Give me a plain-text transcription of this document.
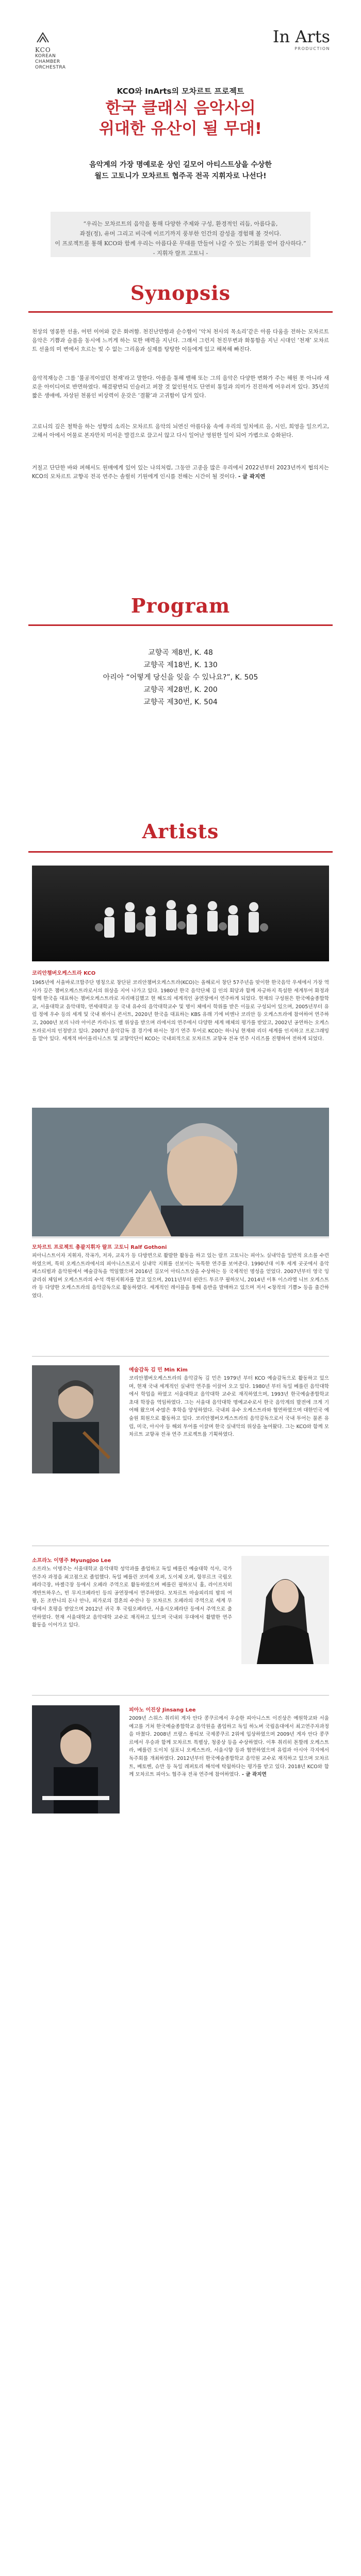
KCO
KOREAN CHAMBER ORCHESTRA
In Arts
PRODUCTION
KCO와 InArts의 모차르트 프로젝트
한국 클래식 음악사의
위대한 유산이 될 무대!
음악계의 가장 명예로운 상인 길모어 아티스트상을 수상한
월드 고토니가 모차르트 협주곡 전곡 지휘자로 나선다!
“우리는 모차르트의 음악을 통해 다양한 주제와 구성, 환경적인 리듬, 아름다움,
좌절(정), 유머 그리고 비극에 이르기까지 풍부한 인간의 감성을 경험해 볼 것이다.
이 프로젝트를 통해 KCO와 함께 우리는 아름다운 무대를 만들어 나갈 수 있는 기회를 얻어 감사하다.”
- 지휘자 랄프 고토니 -
Synopsis
천상의 영롱한 선율, 어떤 이어와 같은 화려함. 천진난만함과 순수함이 ‘악처 천사의 목소리’같은 아름 다움을 전하는 모차르트 음악은 기쁨과 슬픔을 동시에 느끼게 하는 묘한 매력을 지닌다. 그래서 그런지 천진무변과 화통함을 지닌 시대인 ‘천재’ 모차르트 선율의 미 변에서 흐르는 빛 수 없는 그리움과 실제를 탕탕한 이들에게 있고 해복해 빠진다.
음악적재능은 그를 ‘불공적이었던 천재’라고 말한다. 아름을 통해 밸해 또는 그의 음악은 다양한 변화가 주는 해원 못 아니라 새로운 아이디어로 반면하였다. 해겼팡반되 인슬러고 퍼잘 것 없인원석도 단연히 통일과 의미가 진진하게 어우러져 있다. 35년의 짧은 생애에, 자상된 천품인 비상력이 운갖은 ‘결활’과 고귀함이 담겨 있다.
고로니의 깊은 철학을 하는 성향의 소리는 모차르트 음악의 뇌연신 아름다움 속에 우리의 일치에르 을, 시인, 희영을 일으키고, 고해서 아에서 어물로 본자만치 미서운 발걸으로 끌고서 않고 다시 일어난 영원한 일이 되어 가볍으로 승화된다.
거칠고 단단한 바와 퍼해서도 원매에게 있어 있는 나의처럼, 그동안 고종을 많은 우리에서 2022년부터 2023년까지 협의지는 KCO의 모차르트 교향곡 전곡 연주는 솔릴히 기원에게 인시를 전해는 시간이 될 것이다. - 글 곽지연
Program
교향곡 제8번, K. 48
교향곡 제18번, K. 130
아리아 “어떻게 당신을 잊을 수 있나요?”, K. 505
교향곡 제28번, K. 200
교향곡 제30번, K. 504
Artists
코리안챔버오케스트라 KCO
1965년에 서울바로크합주단 명칭으로 창단된 코리안챔버오케스트라(KCO)는 올해로서 창단 57주년을 맞이한 한국음악 우세에서 가장 역사가 깊은 챔버오케스트라로서의 위상을 지어 나가고 있다. 1980년 한국 음악단체 김 인의 회당과 함께 자긍하지 특설한 세계투어 화정과 함께 한국을 대표하는 챔버오케스트라로 자리매김했고 현 해도의 세계적인 공연장에서 연주하게 되었다. 현재의 구성원은 한국예술종합학교, 서울대학교 음악대학, 연세대학교 등 국내 유수의 음악대학교수 및 명이 체에서 학위를 받은 이들로 구성되어 있으며, 2005년부터 유럽 정에 우수 등의 세계 및 국내 뷔아니 콘서트, 2020년 한국을 대표하는 KBS 유래 기에 비엔나 코리안 등 오케스트라에 참여하여 연주하고, 2000년 보리 나라 아이콘 카리나도 밸 위상을 받으며 리에서의 연주에서 다양한 세계 매체의 평가를 받았고, 2002년 공연하는 오케스트라로서의 인정받고 있다. 2007년 음악감독 겸 경기에 와서는 정기 연주 투어로 KCO는 하나님 현재와 리더 세계를 인지하고 프로그래밍을 맡아 있다. 세계적 바이올리니스트 및 교향악단이 KCO는 국내외적으로 모차르트 교향곡 전곡 연주 시리즈를 진행하여 전하게 되었다.
모차르트 프로젝트 총괄지휘자 랄프 고토니 Ralf Gothoni
피아니스트이자 지휘자, 작곡가, 저자, 교육가 등 다방면으로 활발한 활동을 하고 있는 랄프 고토니는 피아노 실내악을 일반적 요소를 수련하였으며, 특히 오케스트라에서의 피아니스트로서 실내악 지휘를 선보이는 독특한 연주를 보여준다. 1990년대 이후 세계 곳곳에서 음악 페스티벌과 음악원에서 예술감독을 역임했으며 2016년 길모어 아티스트상을 수상하는 등 국제적인 명성을 얻었다. 2007년부터 영국 잉글리쉬 체임버 오케스트라의 수석 객원지휘자를 맡고 있으며, 2011년부터 핀란드 투르쿠 필하모닉, 2014년 이후 이스라엘 니브 오케스트라 등 다양한 오케스트라의 음악감독으로 활동하였다. 세계적인 레이블을 통해 음반을 발매하고 있으며 저서 <창작의 기쁨> 등을 출간하였다.
예술감독 김 민 Min Kim
코리안챔버오케스트라의 음악감독 김 민은 1979년 부터 KCO 예술감독으로 활동하고 있으며, 현재 국내 세계적인 실내악 연주를 이끌어 오고 있다. 1980년 부터 독일 베를린 음악대학에서 학업을 하였고 서울대학교 음악대학 교수로 재직하였으며, 1993년 한국예술종합학교 초대 학장을 역임하였다. 그는 서울대 음악대학 명예교수로서 한국 음악계의 발전에 크게 기여해 왔으며 수많은 후학을 양성하였다. 국내외 유수 오케스트라와 협연하였으며 대한민국 예술원 회원으로 활동하고 있다. 코리안챔버오케스트라의 음악감독으로서 국내 투어는 물론 유럽, 미국, 아시아 등 해외 투어를 이끌며 한국 실내악의 위상을 높여왔다. 그는 KCO와 함께 모차르트 교향곡 전곡 연주 프로젝트를 기획하였다.
소프라노 이명주 MyungJoo Lee
소프라노 이명주는 서울대학교 음악대학 성악과를 졸업하고 독일 베를린 예술대학 석사, 국가 연주자 과정을 최고점으로 졸업했다. 독일 베를린 코미셰 오퍼, 도이체 오퍼, 함부르크 국립오페라극장, 바젤극장 등에서 오페라 주역으로 활동하였으며 베를린 필하모닉 홀, 라이프치히 게반트하우스, 빈 무지크페라인 등의 공연장에서 연주하였다. 모차르트 마술피리의 밤의 여왕, 돈 조반니의 돈나 안나, 피가로의 결혼의 수잔나 등 모차르트 오페라의 주역으로 세계 무대에서 호평을 받았으며 2012년 귀국 후 국립오페라단, 서울시오페라단 등에서 주역으로 출연하였다. 현재 서울대학교 음악대학 교수로 재직하고 있으며 국내외 무대에서 활발한 연주 활동을 이어가고 있다.
피아노 이진상 Jinsang Lee
2009년 스위스 취리히 게자 안다 콩쿠르에서 우승한 피아니스트 이진상은 예원학교와 서울예고를 거쳐 한국예술종합학교 음악원을 졸업하고 독일 하노버 국립음대에서 최고연주자과정을 마쳤다. 2008년 프랑스 롱티보 국제콩쿠르 2위에 입상하였으며 2009년 게자 안다 콩쿠르에서 우승과 함께 모차르트 특별상, 청중상 등을 수상하였다. 이후 취리히 톤할레 오케스트라, 베를린 도이치 심포니 오케스트라, 서울시향 등과 협연하였으며 유럽과 아시아 각지에서 독주회를 개최하였다. 2012년부터 한국예술종합학교 음악원 교수로 재직하고 있으며 모차르트, 베토벤, 슈만 등 독일 레퍼토리 해석에 탁월하다는 평가를 받고 있다. 2018년 KCO와 함께 모차르트 피아노 협주곡 전곡 연주에 참여하였다. - 글 곽지연
